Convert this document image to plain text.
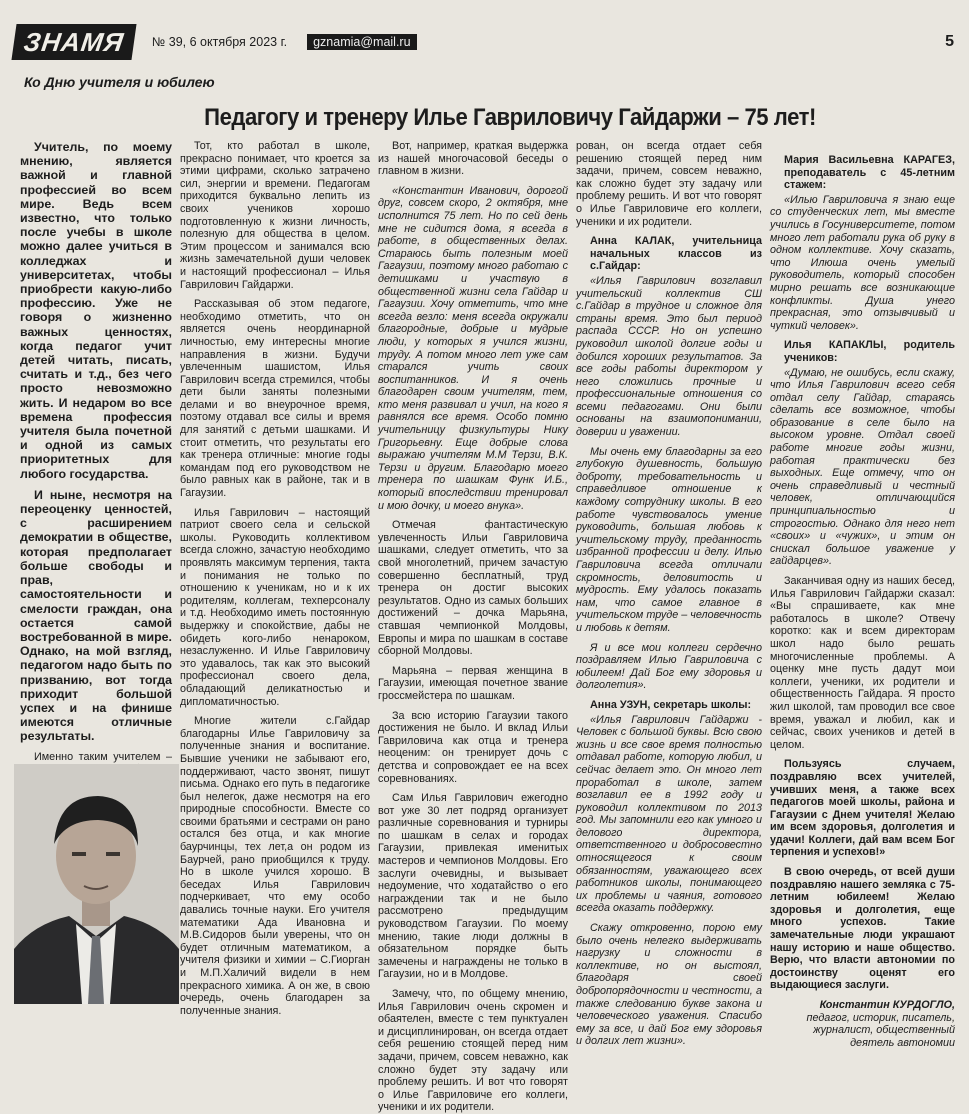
ЗНАМЯ	№ 39, 6 октября 2023 г.	gznamia@mail.ru	5
Ко Дню учителя и юбилею
Педагогу и тренеру Илье Гавриловичу Гайдаржи – 75 лет!

Учитель, по моему мнению, является важной и главной профессией во всем мире. Ведь всем известно, что только после учебы в школе можно далее учиться в колледжах и университетах, чтобы приобрести какую-либо профессию. Уже не говоря о жизненно важных ценностях, когда педагог учит детей читать, писать, считать и т.д., без чего просто невозможно жить. И недаром во все времена профессия учителя была почетной и одной из самых приоритетных для любого государства.

И ныне, несмотря на переоценку ценностей, с расширением демократии в обществе, которая предполагает больше свободы и прав, самостоятельности и смелости граждан, она остается самой востребованной в мире. Однако, на мой взгляд, педагогом надо быть по призванию, вот тогда приходит большой успех и на финише имеются отличные результаты.

Именно таким учителем –

Тот, кто работал в школе, прекрасно понимает, что кроется за этими цифрами, сколько затрачено сил, энергии и времени. Педагогам приходится буквально лепить из своих учеников хорошо подготовленную к жизни личность, полезную для общества в целом. Этим процессом и занимался всю жизнь замечательной души человек и настоящий профессионал – Илья Гаврилович Гайдаржи.

Рассказывая об этом педагоге, необходимо отметить, что он является очень неординарной личностью, ему интересны многие направления в жизни. Будучи увлеченным шашистом, Илья Гаврилович всегда стремился, чтобы дети были заняты полезными делами и во внеурочное время, поэтому отдавал все силы и время для занятий с детьми шашками. И стоит отметить, что результаты его как тренера отличные: многие годы командам под его руководством не было равных как в районе, так и в Гагаузии.

Илья Гаврилович – настоящий патриот своего села и сельской школы. Руководить коллективом всегда сложно, зачастую необходимо проявлять максимум терпения, такта и понимания не только по отношению к ученикам, но и к их родителям, коллегам, техперсоналу и т.д. Необходимо иметь постоянную выдержку и спокойствие, дабы не обидеть кого-либо ненароком, незаслуженно. И Илье Гавриловичу это удавалось, так как это высокий профессионал своего дела, обладающий деликатностью и дипломатичностью.

Многие жители с.Гайдар благодарны Илье Гавриловичу за полученные знания и воспитание. Бывшие ученики не забывают его, поддерживают, часто звонят, пишут письма. Однако его путь в педагогике был нелегок, даже несмотря на его природные способности. Вместе со своими братьями и сестрами он рано остался без отца, и как многие баурчинцы, тех лет,а он родом из Баурчей, рано приобщился к труду. Но в школе учился хорошо. В беседах Илья Гаврилович подчеркивает, что ему особо давались точные науки. Его учителя математики Ада Ивановна и М.В.Сидоров были уверены, что он будет отличным математиком, а учителя физики и химии – С.Гиорган и М.П.Халичий видели в нем прекрасного химика. А он же, в свою очередь, очень благодарен за полученные знания.

Вот, например, краткая выдержка из нашей многочасовой беседы о главном в жизни.

«Константин Иванович, дорогой друг, совсем скоро, 2 октября, мне исполнится 75 лет. Но по сей день мне не сидится дома, я всегда в работе, в общественных делах. Стараюсь быть полезным моей Гагаузии, поэтому много работаю с детишками и участвую в общественной жизни села Гайдар и Гагаузии. Хочу отметить, что мне всегда везло: меня всегда окружали благородные, добрые и мудрые люди, у которых я учился жизни, труду. А потом много лет уже сам старался учить своих воспитанников. И я очень благодарен своим учителям, тем, кто меня развивал и учил, на кого я равнялся все время. Особо помню учительницу физкультуры Нику Григорьевну. Еще добрые слова выражаю учителям М.М Терзи, В.К. Терзи и другим. Благодарю моего тренера по шашкам Функ И.Б., который впоследствии тренировал и мою дочку, и моего внука».

Отмечая фантастическую увлеченность Ильи Гавриловича шашками, следует отметить, что за свой многолетний, причем зачастую совершенно бесплатный, труд тренера он достиг высоких результатов. Одно из самых больших достижений – дочка Марьяна, ставшая чемпионкой Молдовы, Европы и мира по шашкам в составе сборной Молдовы.

Марьяна – первая женщина в Гагаузии, имеющая почетное звание гроссмейстера по шашкам.

За всю историю Гагаузии такого достижения не было. И вклад Ильи Гавриловича как отца и тренера неоценим: он тренирует дочь с детства и сопровождает ее на всех соревнованиях.

Сам Илья Гаврилович ежегодно вот уже 30 лет подряд организует различные соревнования и турниры по шашкам в селах и городах Гагаузии, привлекая именитых мастеров и чемпионов Молдовы. Его заслуги очевидны, и вызывает недоумение, что ходатайство о его награждении так и не было рассмотрено предыдущим руководством Гагаузии. По моему мнению, такие люди должны в обязательном порядке быть замечены и награждены не только в Гагаузии, но и в Молдове.

Замечу, что, по общему мнению, Илья Гаврилович очень скромен и обаятелен, вместе с тем пунктуален и дисциплинирован, он всегда отдает себя решению стоящей перед ним задачи, причем, совсем неважно, как сложно будет эту задачу или проблему решить. И вот что говорят о Илье Гавриловиче его коллеги, ученики и их родители.

рован, он всегда отдает себя решению стоящей перед ним задачи, причем, совсем неважно, как сложно будет эту задачу или проблему решить. И вот что говорят о Илье Гавриловиче его коллеги, ученики и их родители.

Анна КАЛАК, учительница начальных классов из с.Гайдар:

«Илья Гаврилович возглавил учительский коллектив СШ с.Гайдар в трудное и сложное для страны время. Это был период распада СССР. Но он успешно руководил школой долгие годы и добился хороших результатов. За все годы работы директором у него сложились прочные и профессиональные отношения со всеми педагогами. Они были основаны на взаимопонимании, доверии и уважении.

Мы очень ему благодарны за его глубокую душевность, большую доброту, требовательность и справедливое отношение к каждому сотруднику школы. В его работе чувствовалось умение руководить, большая любовь к учительскому труду, преданность избранной профессии и делу. Илью Гавриловича всегда отличали скромность, деловитость и мудрость. Ему удалось показать нам, что самое главное в учительском труде – человечность и любовь к детям.

Я и все мои коллеги сердечно поздравляем Илью Гавриловича с юбилеем! Дай Бог ему здоровья и долголетия».

Анна УЗУН, секретарь школы:

«Илья Гаврилович Гайдаржи - Человек с большой буквы. Всю свою жизнь и все свое время полностью отдавал работе, которую любил, и сейчас делает это. Он много лет проработал в школе, затем возглавил ее в 1992 году и руководил коллективом по 2013 год. Мы запомнили его как умного и делового директора, ответственного и добросовестно относящегося к своим обязанностям, уважающего всех работников школы, понимающего их проблемы и чаяния, готового всегда оказать поддержку.

Скажу откровенно, порою ему было очень нелегко выдерживать нагрузку и сложности в коллективе, но он выстоял, благодаря своей добропорядочности и честности, а также следованию букве закона и человеческого уважения. Спасибо ему за все, и дай Бог ему здоровья и долгих лет жизни».

Мария Васильевна КАРАГЕЗ, преподаватель с 45-летним стажем:

«Илью Гавриловича я знаю еще со студенческих лет, мы вместе учились в Госуниверситете, потом много лет работали рука об руку в одном коллективе. Хочу сказать, что Илюша очень умелый руководитель, который способен мирно решать все возникающие конфликты. Душа унего прекрасная, это отзывчивый и чуткий человек».

Илья КАПАКЛЫ, родитель учеников:

«Думаю, не ошибусь, если скажу, что Илья Гаврилович всего себя отдал селу Гайдар, стараясь сделать все возможное, чтобы образование в селе было на высоком уровне. Отдал своей работе многие годы жизни, работая практически без выходных. Еще отмечу, что он очень справедливый и честный человек, отличающийся принципиальностью и строгостью. Однако для него нет «своих» и «чужих», и этим он снискал большое уважение у гайдарцев».

Заканчивая одну из наших бесед, Илья Гаврилович Гайдаржи сказал: «Вы спрашиваете, как мне работалось в школе? Отвечу коротко: как и всем директорам школ надо было решать многочисленные проблемы. А оценку мне пусть дадут мои коллеги, ученики, их родители и общественность Гайдара. Я просто жил школой, там проводил все свое время, уважал и любил, как и сейчас, своих учеников и детей в целом.

Пользуясь случаем, поздравляю всех учителей, учивших меня, а также всех педагогов моей школы, района и Гагаузии с Днем учителя! Желаю им всем здоровья, долголетия и удачи! Коллеги, дай вам всем Бог терпения и успехов!»

В свою очередь, от всей души поздравляю нашего земляка с 75-летним юбилеем! Желаю здоровья и долголетия, еще много успехов. Такие замечательные люди украшают нашу историю и наше общество. Верю, что власти автономии по достоинству оценят его выдающиеся заслуги.

Константин КУРДОГЛО,
педагог, историк, писатель, журналист, общественный деятель автономии
